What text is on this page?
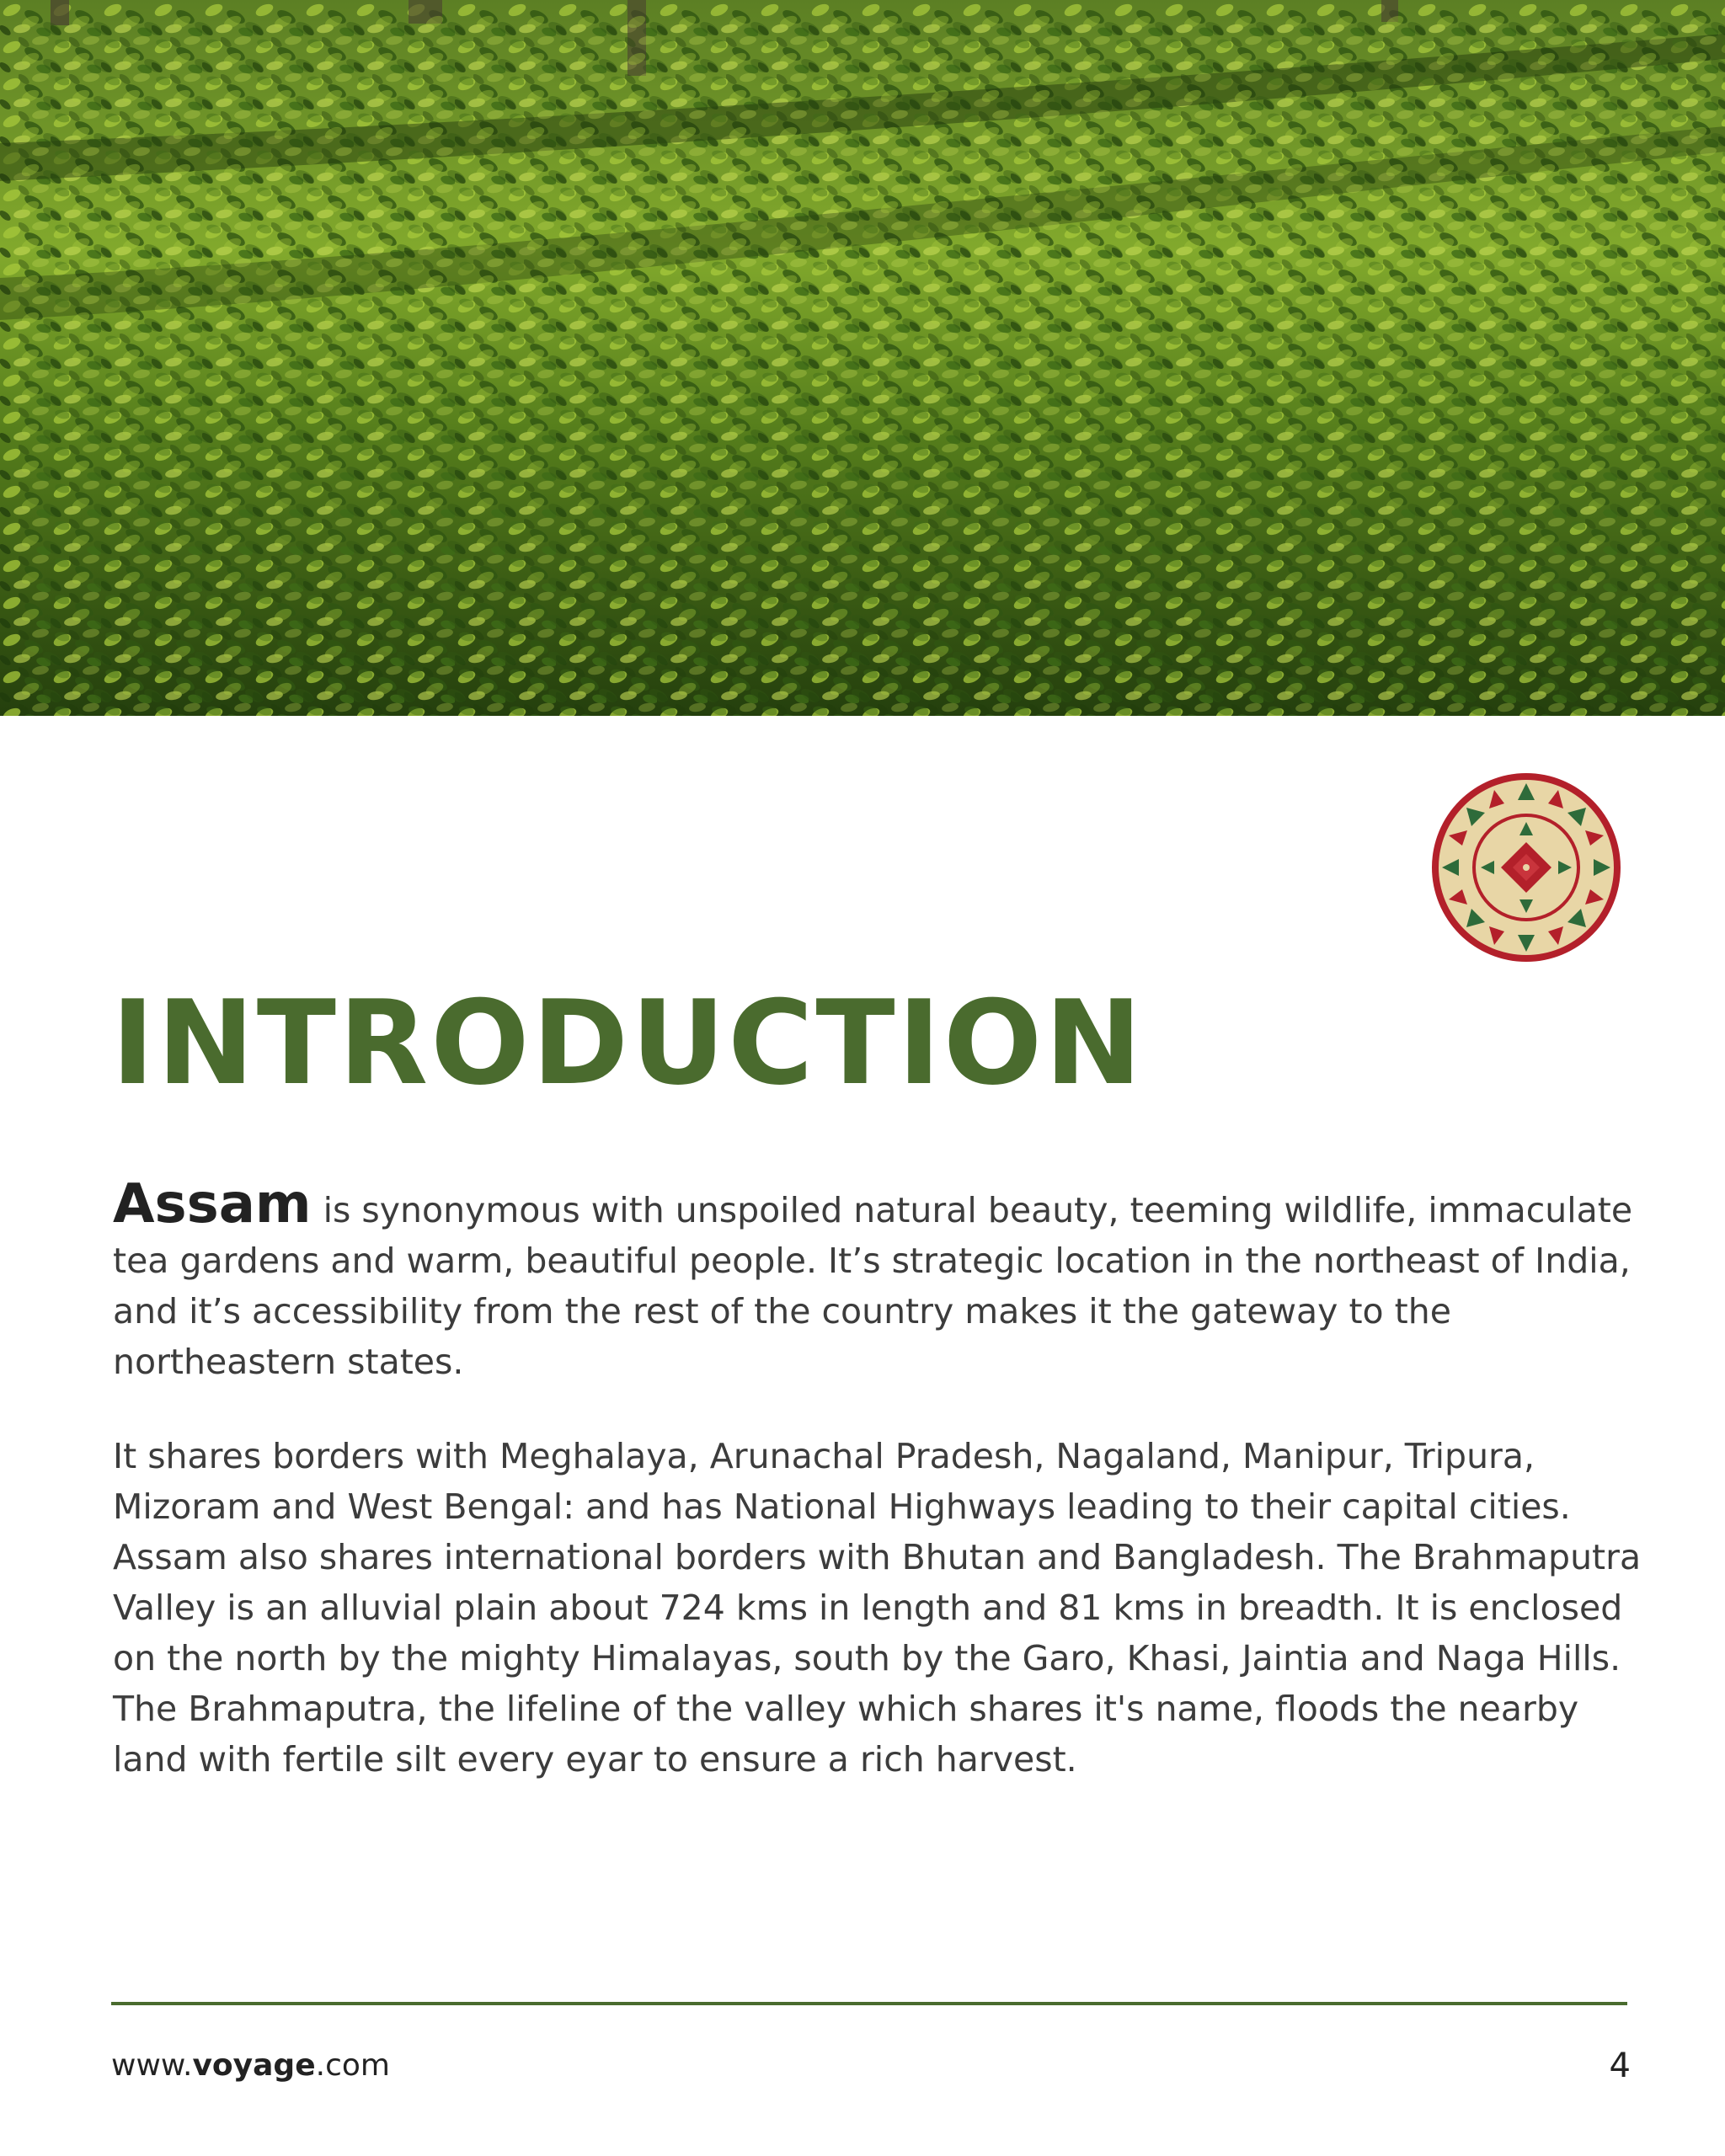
INTRODUCTION

Assam is synonymous with unspoiled natural beauty, teeming wildlife, immaculate tea gardens and warm, beautiful people. It’s strategic location in the northeast of India, and it’s accessibility from the rest of the country makes it the gateway to the northeastern states.

It shares borders with Meghalaya, Arunachal Pradesh, Nagaland, Manipur, Tripura, Mizoram and West Bengal: and has National Highways leading to their capital cities. Assam also shares international borders with Bhutan and Bangladesh. The Brahmaputra Valley is an alluvial plain about 724 kms in length and 81 kms in breadth. It is enclosed on the north by the mighty Himalayas, south by the Garo, Khasi, Jaintia and Naga Hills. The Brahmaputra, the lifeline of the valley which shares it's name, floods the nearby land with fertile silt every eyar to ensure a rich harvest.

www.voyage.com	4
